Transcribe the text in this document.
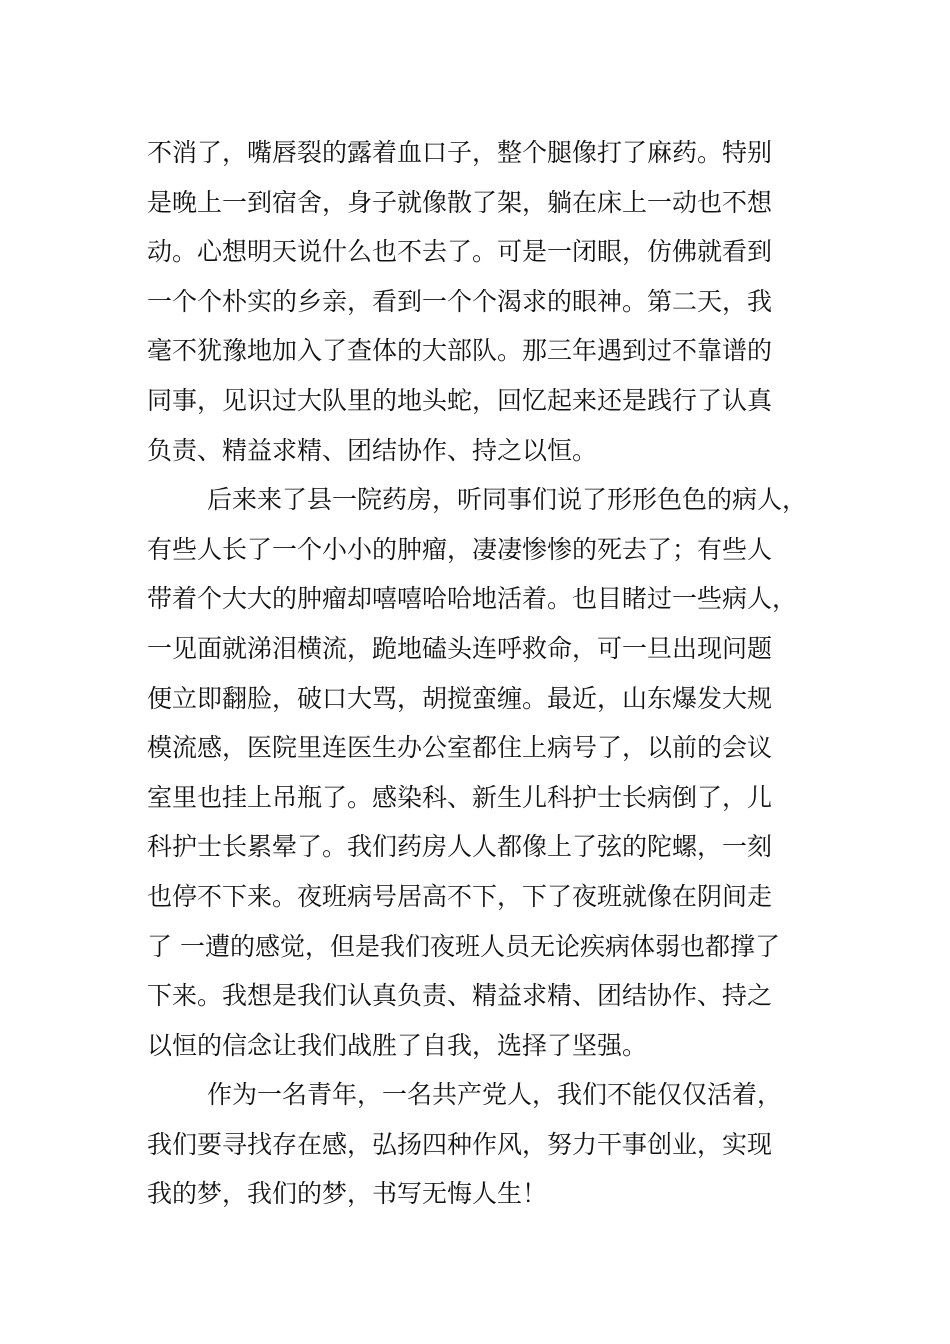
不消了，嘴唇裂的露着血口子，整个腿像打了麻药。特别
是晚上一到宿舍，身子就像散了架，躺在床上一动也不想
动。心想明天说什么也不去了。可是一闭眼，仿佛就看到
一个个朴实的乡亲，看到一个个渴求的眼神。第二天，我
毫不犹豫地加入了查体的大部队。那三年遇到过不靠谱的
同事，见识过大队里的地头蛇，回忆起来还是践行了认真
负责、精益求精、团结协作、持之以恒。
后来来了县一院药房，听同事们说了形形色色的病人，
有些人长了一个小小的肿瘤，凄凄惨惨的死去了；有些人
带着个大大的肿瘤却嘻嘻哈哈地活着。也目睹过一些病人，
一见面就涕泪横流，跪地磕头连呼救命，可一旦出现问题
便立即翻脸，破口大骂，胡搅蛮缠。最近，山东爆发大规
模流感，医院里连医生办公室都住上病号了，以前的会议
室里也挂上吊瓶了。感染科、新生儿科护士长病倒了，儿
科护士长累晕了。我们药房人人都像上了弦的陀螺，一刻
也停不下来。夜班病号居高不下，下了夜班就像在阴间走
了 一遭的感觉，但是我们夜班人员无论疾病体弱也都撑了
下来。我想是我们认真负责、精益求精、团结协作、持之
以恒的信念让我们战胜了自我，选择了坚强。
作为一名青年，一名共产党人，我们不能仅仅活着，
我们要寻找存在感，弘扬四种作风，努力干事创业，实现
我的梦，我们的梦，书写无悔人生！
